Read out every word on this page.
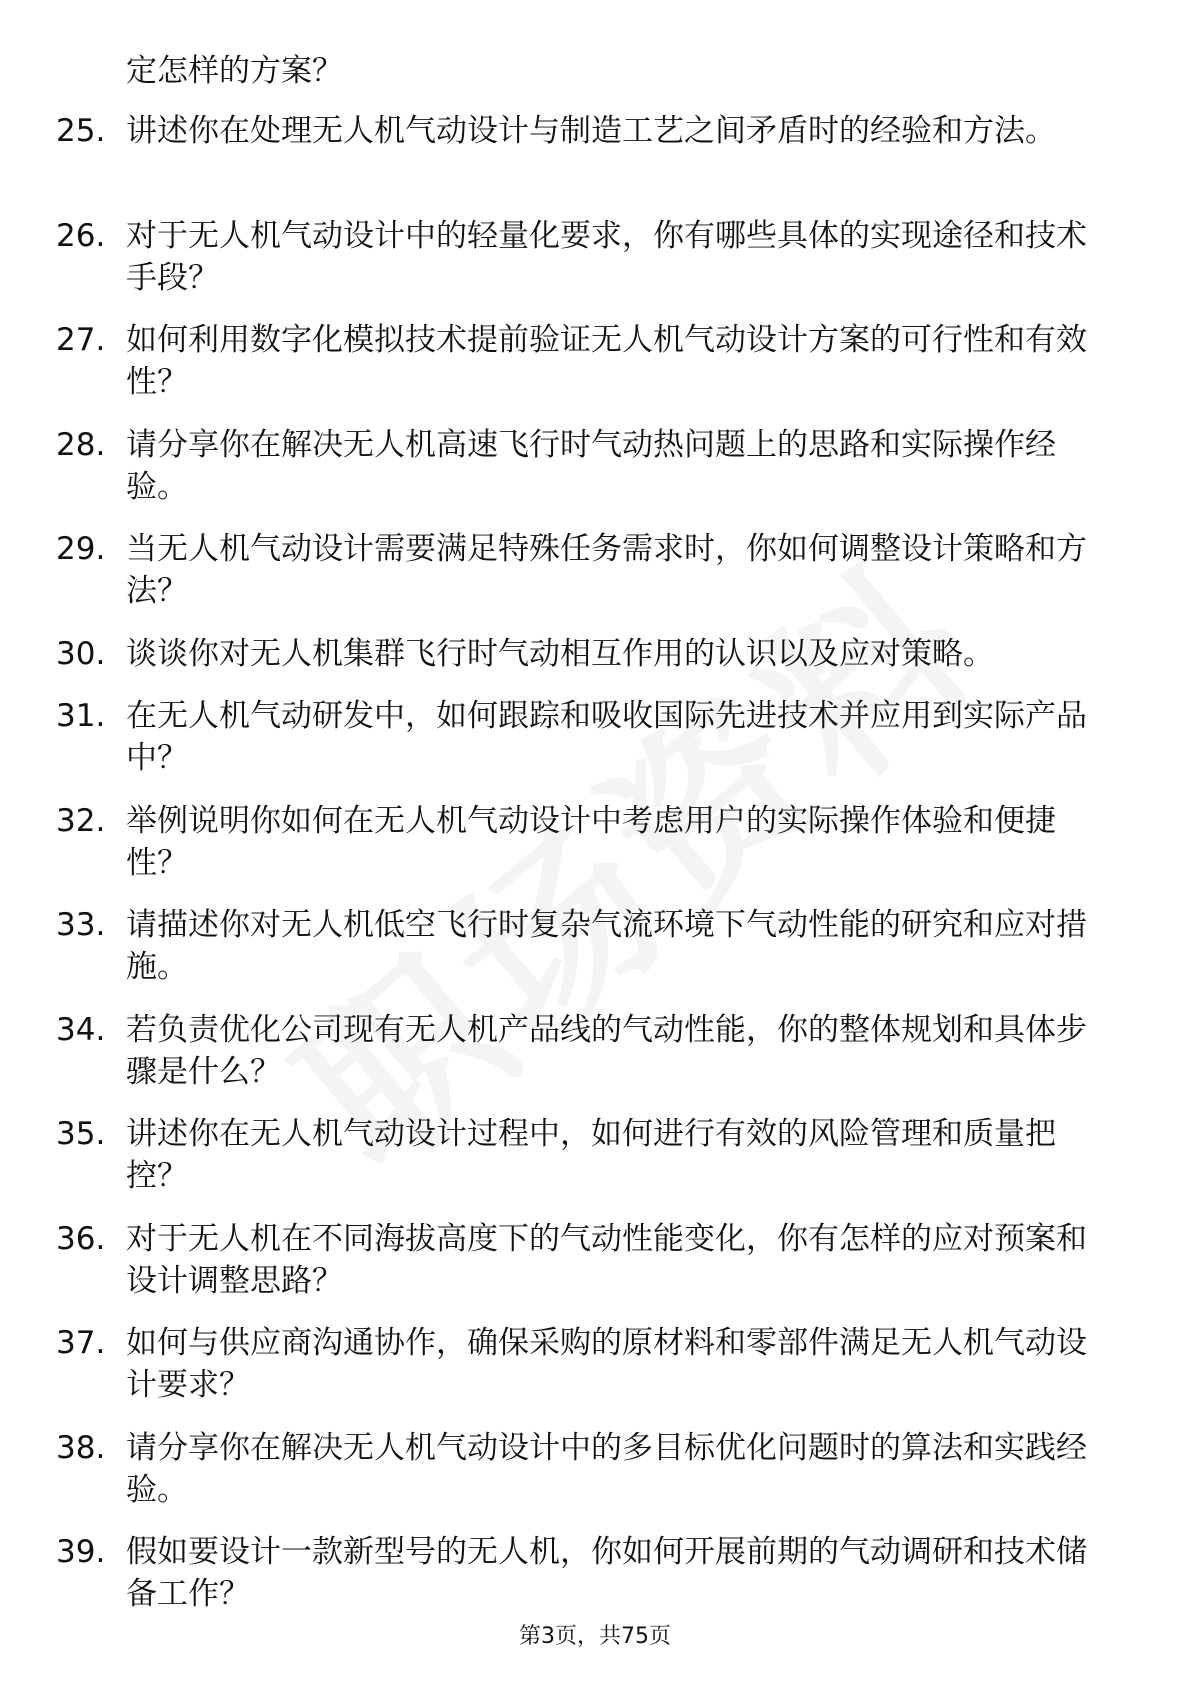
定怎样的方案？

25. 讲述你在处理无人机气动设计与制造工艺之间矛盾时的经验和方法。
26. 对于无人机气动设计中的轻量化要求，你有哪些具体的实现途径和技术手段？
27. 如何利用数字化模拟技术提前验证无人机气动设计方案的可行性和有效性？
28. 请分享你在解决无人机高速飞行时气动热问题上的思路和实际操作经验。
29. 当无人机气动设计需要满足特殊任务需求时，你如何调整设计策略和方法？
30. 谈谈你对无人机集群飞行时气动相互作用的认识以及应对策略。
31. 在无人机气动研发中，如何跟踪和吸收国际先进技术并应用到实际产品中？
32. 举例说明你如何在无人机气动设计中考虑用户的实际操作体验和便捷性？
33. 请描述你对无人机低空飞行时复杂气流环境下气动性能的研究和应对措施。
34. 若负责优化公司现有无人机产品线的气动性能，你的整体规划和具体步骤是什么？
35. 讲述你在无人机气动设计过程中，如何进行有效的风险管理和质量把控？
36. 对于无人机在不同海拔高度下的气动性能变化，你有怎样的应对预案和设计调整思路？
37. 如何与供应商沟通协作，确保采购的原材料和零部件满足无人机气动设计要求？
38. 请分享你在解决无人机气动设计中的多目标优化问题时的算法和实践经验。
39. 假如要设计一款新型号的无人机，你如何开展前期的气动调研和技术储备工作？
第3页，共75页
